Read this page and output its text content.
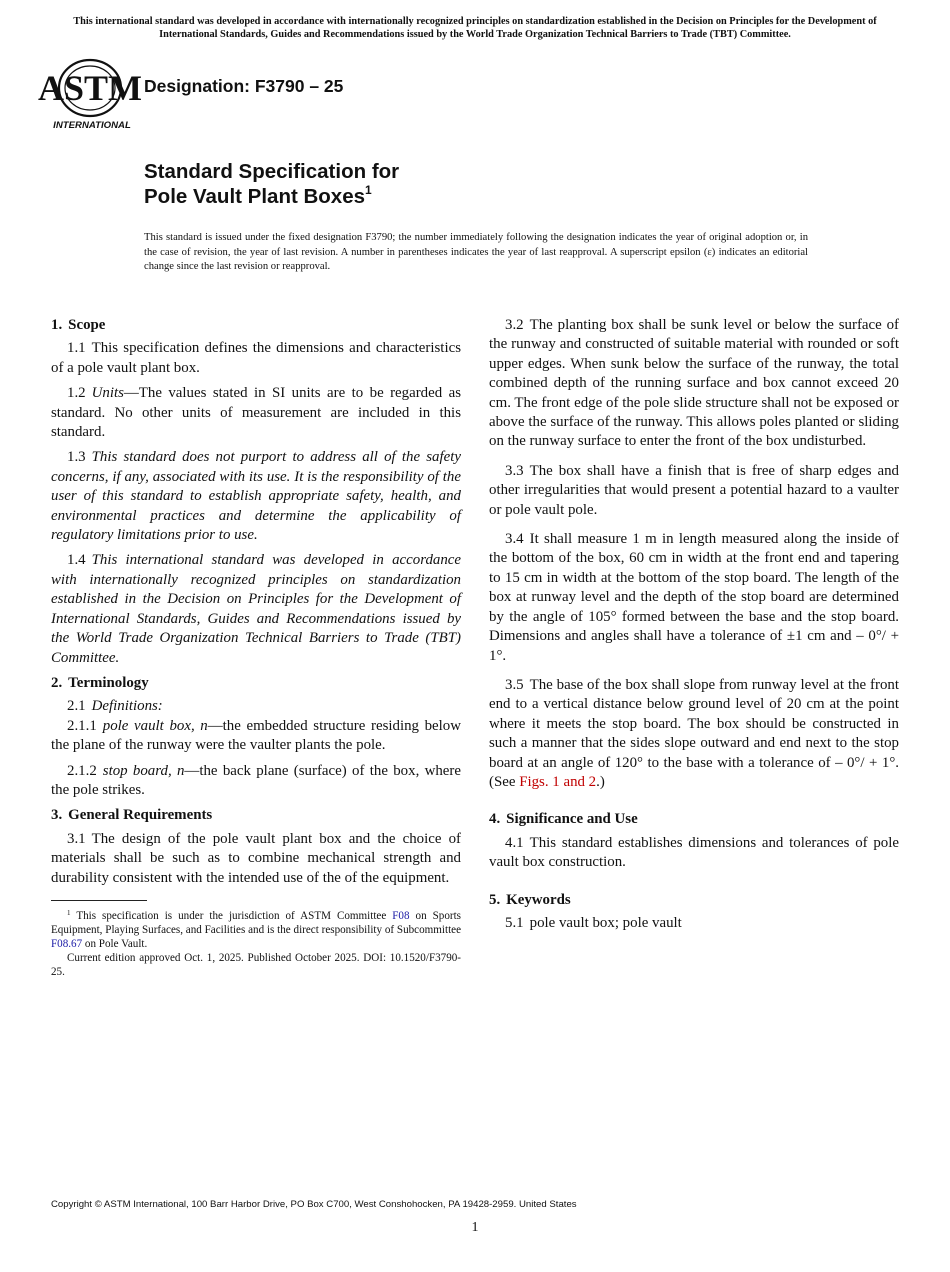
This international standard was developed in accordance with internationally recognized principles on standardization established in the Decision on Principles for the Development of International Standards, Guides and Recommendations issued by the World Trade Organization Technical Barriers to Trade (TBT) Committee.
ASTM
INTERNATIONAL
Designation: F3790 – 25
Standard Specification for
Pole Vault Plant Boxes$^1$
This standard is issued under the fixed designation F3790; the number immediately following the designation indicates the year of original adoption or, in the case of revision, the year of last revision. A number in parentheses indicates the year of last reapproval. A superscript epsilon (ε) indicates an editorial change since the last revision or reapproval.
1. Scope

1.1 This specification defines the dimensions and characteristics of a pole vault plant box.

1.2 Units—The values stated in SI units are to be regarded as standard. No other units of measurement are included in this standard.

1.3 This standard does not purport to address all of the safety concerns, if any, associated with its use. It is the responsibility of the user of this standard to establish appropriate safety, health, and environmental practices and determine the applicability of regulatory limitations prior to use.

1.4 This international standard was developed in accordance with internationally recognized principles on standardization established in the Decision on Principles for the Development of International Standards, Guides and Recommendations issued by the World Trade Organization Technical Barriers to Trade (TBT) Committee.

2. Terminology

2.1 Definitions:

2.1.1 pole vault box, n—the embedded structure residing below the plane of the runway were the vaulter plants the pole.

2.1.2 stop board, n—the back plane (surface) of the box, where the pole strikes.

3. General Requirements

3.1 The design of the pole vault plant box and the choice of materials shall be such as to combine mechanical strength and durability consistent with the intended use of the of the equipment.

$^1$ This specification is under the jurisdiction of ASTM Committee F08 on Sports Equipment, Playing Surfaces, and Facilities and is the direct responsibility of Subcommittee F08.67 on Pole Vault.

Current edition approved Oct. 1, 2025. Published October 2025. DOI: 10.1520/F3790-25.

3.2 The planting box shall be sunk level or below the surface of the runway and constructed of suitable material with rounded or soft upper edges. When sunk below the surface of the runway, the total combined depth of the running surface and box cannot exceed 20 cm. The front edge of the pole slide structure shall not be exposed or above the surface of the runway. This allows poles planted or sliding on the runway surface to enter the front of the box undisturbed.

3.3 The box shall have a finish that is free of sharp edges and other irregularities that would present a potential hazard to a vaulter or pole vault pole.

3.4 It shall measure 1 m in length measured along the inside of the bottom of the box, 60 cm in width at the front end and tapering to 15 cm in width at the bottom of the stop board. The length of the box at runway level and the depth of the stop board are determined by the angle of 105° formed between the base and the stop board. Dimensions and angles shall have a tolerance of ±1 cm and – 0°/ + 1°.

3.5 The base of the box shall slope from runway level at the front end to a vertical distance below ground level of 20 cm at the point where it meets the stop board. The box should be constructed in such a manner that the sides slope outward and end next to the stop board at an angle of 120° to the base with a tolerance of – 0°/ + 1°. (See Figs. 1 and 2.)

4. Significance and Use

4.1 This standard establishes dimensions and tolerances of pole vault box construction.

5. Keywords

5.1 pole vault box; pole vault

Copyright © ASTM International, 100 Barr Harbor Drive, PO Box C700, West Conshohocken, PA 19428-2959. United States
1
